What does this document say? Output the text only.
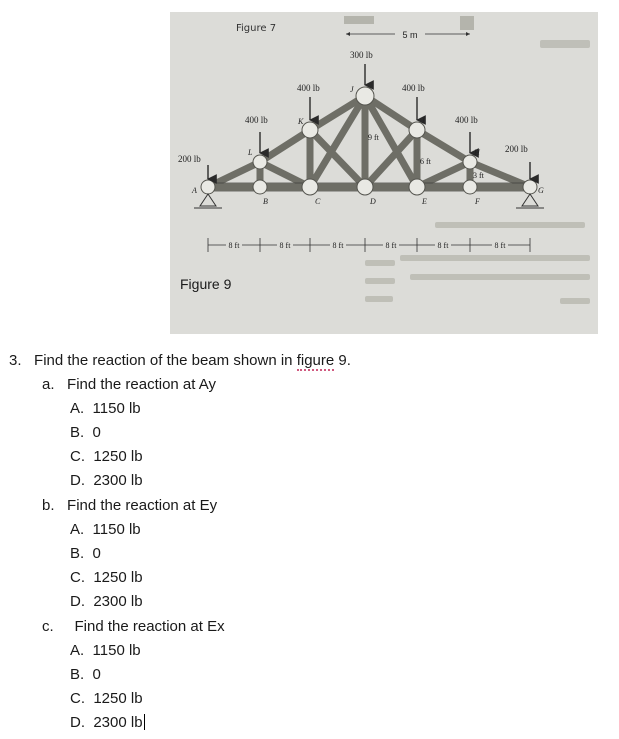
Figure 7
5 m
200 lb
400 lb
400 lb
300 lb
400 lb
400 lb
200 lb
A
B	C	D	E	F
G
H
I
J
K
L
9 ft
6 ft
3 ft
8 ft	8 ft	8 ft	8 ft	8 ft	8 ft
Figure 9
3. Find the reaction of the beam shown in figure 9.
a. Find the reaction at Ay
A. 1150 lb
B. 0
C. 1250 lb
D. 2300 lb
b. Find the reaction at Ey
A. 1150 lb
B. 0
C. 1250 lb
D. 2300 lb
c. Find the reaction at Ex
A. 1150 lb
B. 0
C. 1250 lb
D. 2300 lb
